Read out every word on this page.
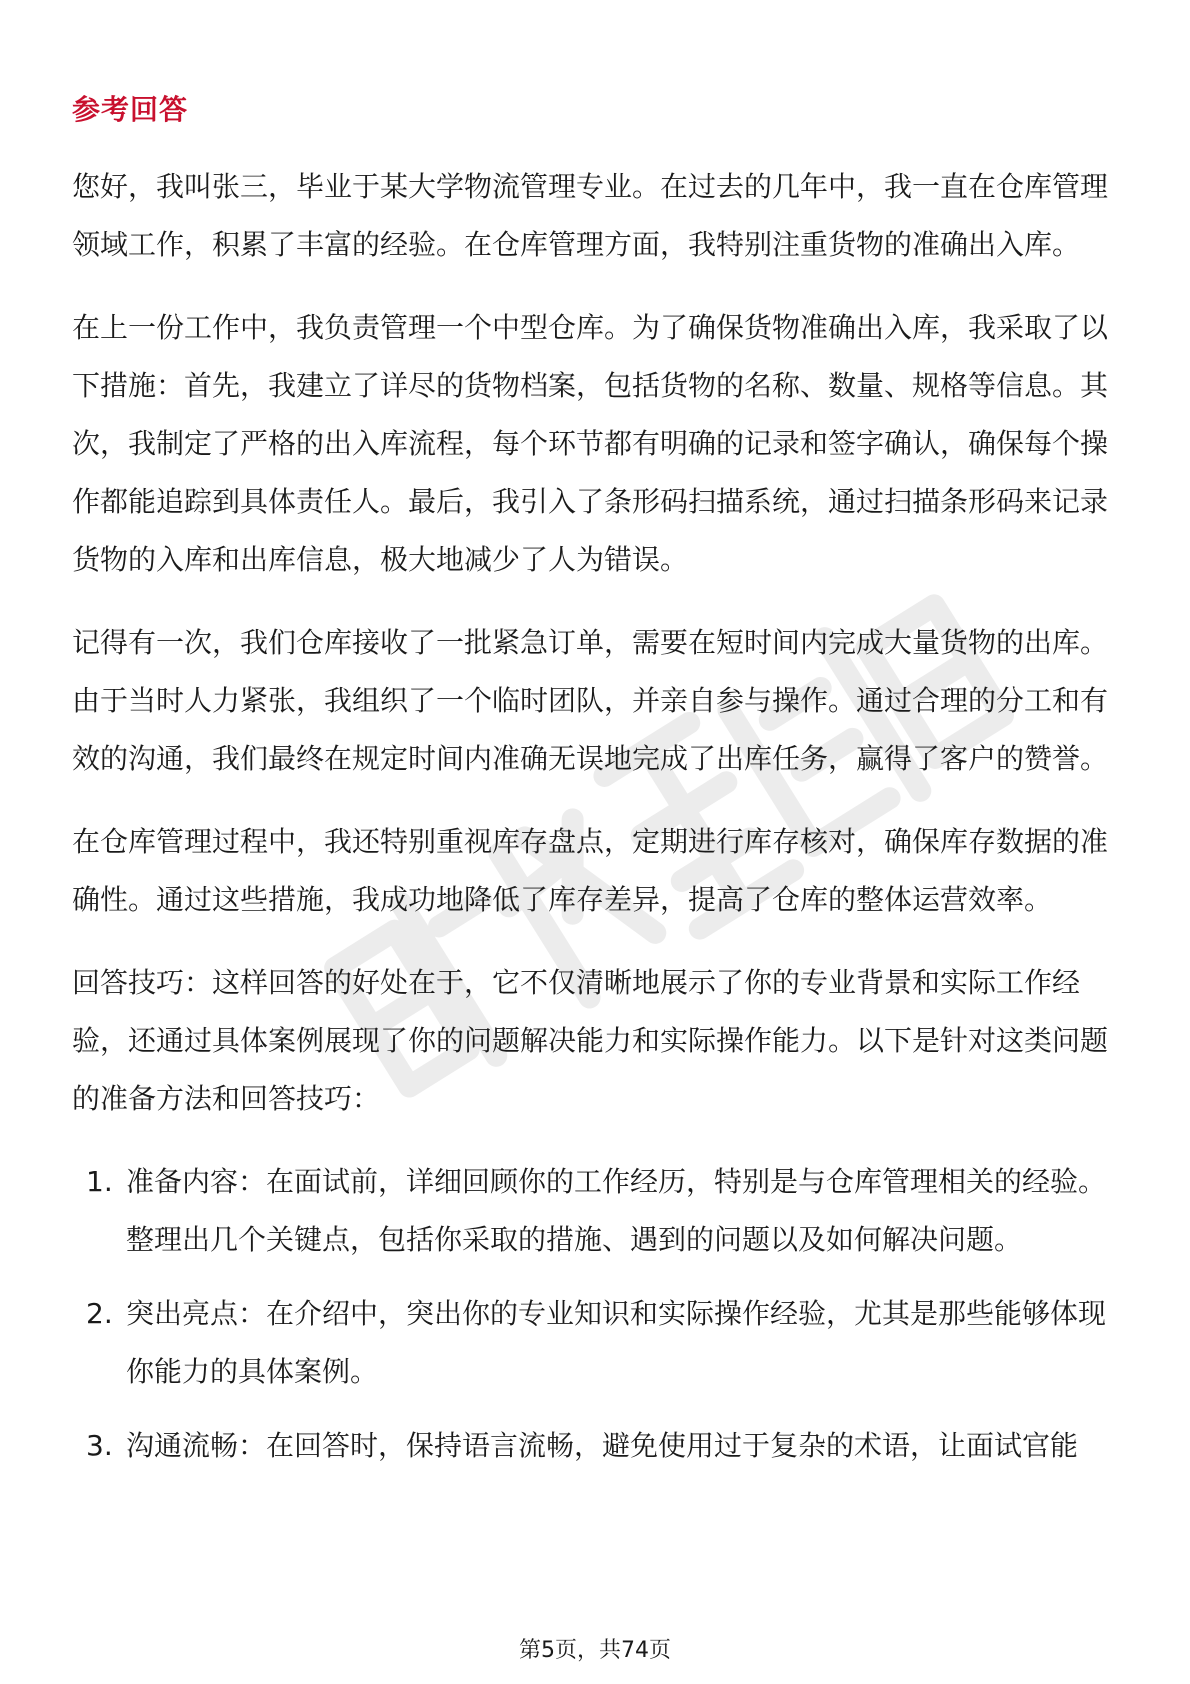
参考回答

您好，我叫张三，毕业于某大学物流管理专业。在过去的几年中，我一直在仓库管理领域工作，积累了丰富的经验。在仓库管理方面，我特别注重货物的准确出入库。

在上一份工作中，我负责管理一个中型仓库。为了确保货物准确出入库，我采取了以下措施：首先，我建立了详尽的货物档案，包括货物的名称、数量、规格等信息。其次，我制定了严格的出入库流程，每个环节都有明确的记录和签字确认，确保每个操作都能追踪到具体责任人。最后，我引入了条形码扫描系统，通过扫描条形码来记录货物的入库和出库信息，极大地减少了人为错误。

记得有一次，我们仓库接收了一批紧急订单，需要在短时间内完成大量货物的出库。由于当时人力紧张，我组织了一个临时团队，并亲自参与操作。通过合理的分工和有效的沟通，我们最终在规定时间内准确无误地完成了出库任务，赢得了客户的赞誉。

在仓库管理过程中，我还特别重视库存盘点，定期进行库存核对，确保库存数据的准确性。通过这些措施，我成功地降低了库存差异，提高了仓库的整体运营效率。

回答技巧：这样回答的好处在于，它不仅清晰地展示了你的专业背景和实际工作经验，还通过具体案例展现了你的问题解决能力和实际操作能力。以下是针对这类问题的准备方法和回答技巧：

1. 准备内容：在面试前，详细回顾你的工作经历，特别是与仓库管理相关的经验。整理出几个关键点，包括你采取的措施、遇到的问题以及如何解决问题。
2. 突出亮点：在介绍中，突出你的专业知识和实际操作经验，尤其是那些能够体现你能力的具体案例。
3. 沟通流畅：在回答时，保持语言流畅，避免使用过于复杂的术语，让面试官能
第5页，共74页
